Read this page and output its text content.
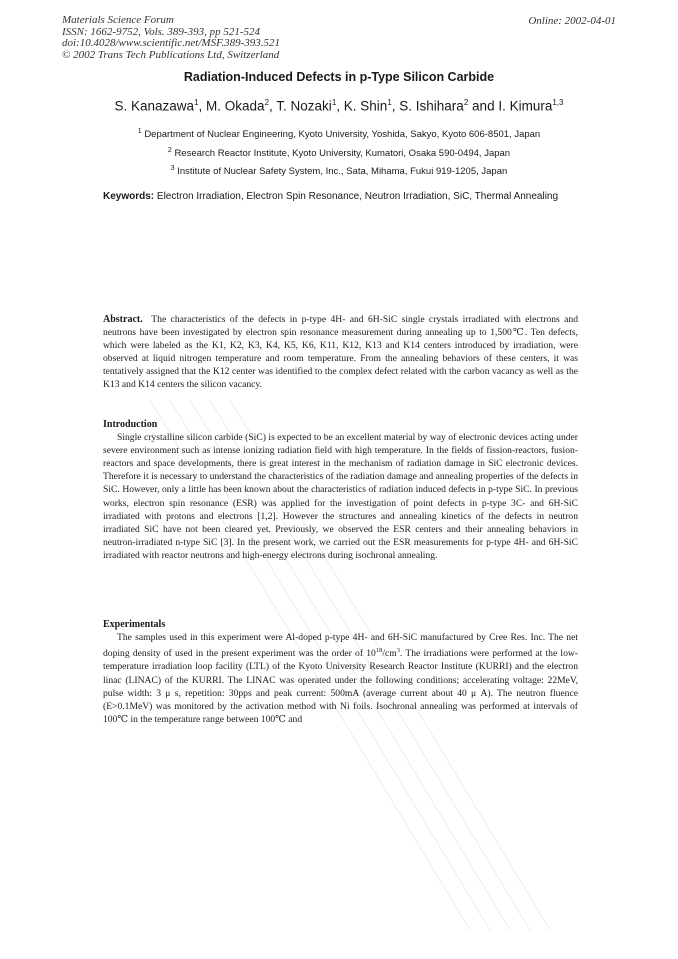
Materials Science Forum
ISSN: 1662-9752, Vols. 389-393, pp 521-524
doi:10.4028/www.scientific.net/MSF.389-393.521
© 2002 Trans Tech Publications Ltd, Switzerland
Online: 2002-04-01
Radiation-Induced Defects in p-Type Silicon Carbide
S. Kanazawa$^1$, M. Okada$^2$, T. Nozaki$^1$, K. Shin$^1$, S. Ishihara$^2$ and I. Kimura$^{1,3}$
$^1$ Department of Nuclear Engineering, Kyoto University, Yoshida, Sakyo, Kyoto 606-8501, Japan
$^2$ Research Reactor Institute, Kyoto University, Kumatori, Osaka 590-0494, Japan
$^3$ Institute of Nuclear Safety System, Inc., Sata, Mihama, Fukui 919-1205, Japan
Keywords: Electron Irradiation, Electron Spin Resonance, Neutron Irradiation, SiC, Thermal Annealing
Abstract. The characteristics of the defects in p-type 4H- and 6H-SiC single crystals irradiated with electrons and neutrons have been investigated by electron spin resonance measurement during annealing up to 1,500℃. Ten defects, which were labeled as the K1, K2, K3, K4, K5, K6, K11, K12, K13 and K14 centers introduced by irradiation, were observed at liquid nitrogen temperature and room temperature. From the annealing behaviors of these centers, it was tentatively assigned that the K12 center was identified to the complex defect related with the carbon vacancy as well as the K13 and K14 centers the silicon vacancy.
Introduction

Single crystalline silicon carbide (SiC) is expected to be an excellent material by way of electronic devices acting under severe environment such as intense ionizing radiation field with high temperature. In the fields of fission-reactors, fusion-reactors and space developments, there is great interest in the mechanism of radiation damage in SiC electronic devices. Therefore it is necessary to understand the characteristics of the radiation damage and annealing properties of the defects in SiC. However, only a little has been known about the characteristics of radiation induced defects in p-type SiC. In previous works, electron spin resonance (ESR) was applied for the investigation of point defects in p-type 3C- and 6H-SiC irradiated with protons and electrons [1,2]. However the structures and annealing kinetics of the defects in neutron irradiated SiC have not been cleared yet. Previously, we observed the ESR centers and their annealing behaviors in neutron-irradiated n-type SiC [3]. In the present work, we carried out the ESR measurements for p-type 4H- and 6H-SiC irradiated with reactor neutrons and high-energy electrons during isochronal annealing.

Experimentals

The samples used in this experiment were Al-doped p-type 4H- and 6H-SiC manufactured by Cree Res. Inc. The net doping density of used in the present experiment was the order of $10^{18}/cm^3$. The irradiations were performed at the low-temperature irradiation loop facility (LTL) of the Kyoto University Research Reactor Institute (KURRI) and the electron linac (LINAC) of the KURRI. The LINAC was operated under the following conditions; accelerating voltage: 22MeV, pulse width: 3 μ s, repetition: 30pps and peak current: 500mA (average current about 40 μ A). The neutron fluence (E>0.1MeV) was monitored by the activation method with Ni foils. Isochronal annealing was performed at intervals of 100℃ in the temperature range between 100℃ and
